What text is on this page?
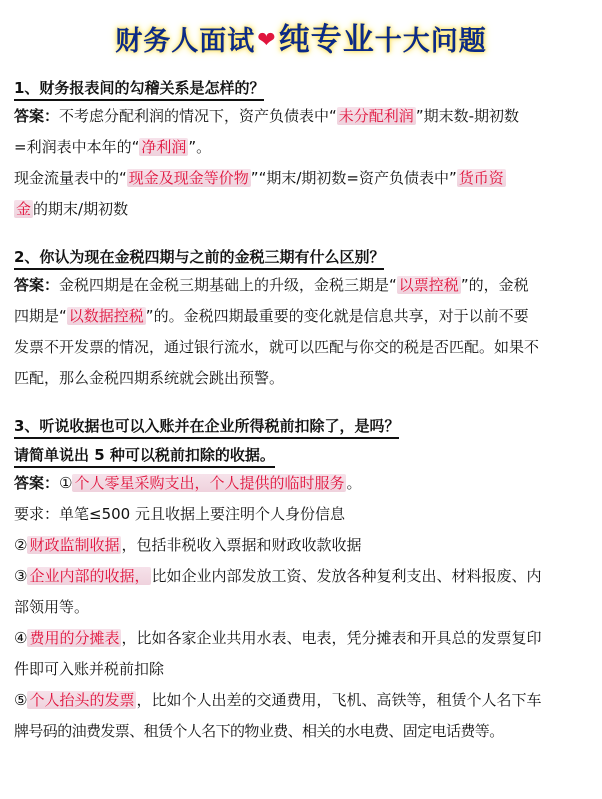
财务人面试❤纯专业十大问题
1、财务报表间的勾稽关系是怎样的？

答案：不考虑分配利润的情况下，资产负债表中“ 未分配利润 ”期末数-期初数

=利润表中本年的“ 净利润 ”。

现金流量表中的“ 现金及现金等价物 ”“期末/期初数=资产负债表中” 货币资

金 的期末/期初数

2、你认为现在金税四期与之前的金税三期有什么区别？

答案：金税四期是在金税三期基础上的升级，金税三期是“ 以票控税 ”的，金税

四期是“ 以数据控税 ”的。金税四期最重要的变化就是信息共享，对于以前不要

发票不开发票的情况，通过银行流水，就可以匹配与你交的税是否匹配。如果不

匹配，那么金税四期系统就会跳出预警。

3、听说收据也可以入账并在企业所得税前扣除了，是吗？
请简单说出 5 种可以税前扣除的收据。

答案：① 个人零星采购支出，个人提供的临时服务 。

要求：单笔≤500 元且收据上要注明个人身份信息

② 财政监制收据 ，包括非税收入票据和财政收款收据

③ 企业内部的收据， 比如企业内部发放工资、发放各种复利支出、材料报废、内

部领用等。

④ 费用的分摊表 ，比如各家企业共用水表、电表，凭分摊表和开具总的发票复印

件即可入账并税前扣除

⑤ 个人抬头的发票 ，比如个人出差的交通费用，飞机、高铁等，租赁个人名下车

牌号码的油费发票、租赁个人名下的物业费、相关的水电费、固定电话费等。
